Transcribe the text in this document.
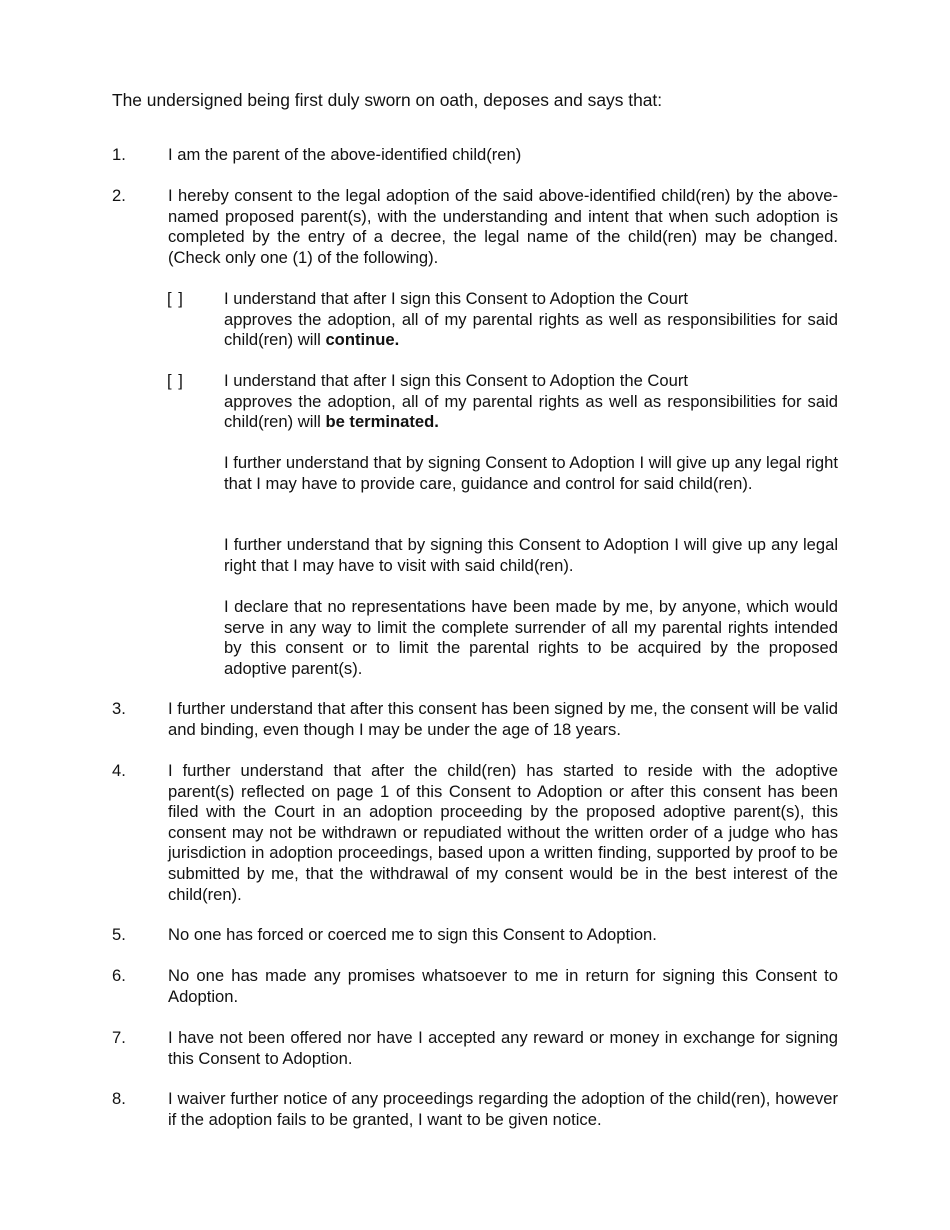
The undersigned being first duly sworn on oath, deposes and says that:
1.	I am the parent of the above-identified child(ren)
2.	I hereby consent to the legal adoption of the said above-identified child(ren) by the above-named proposed parent(s), with the understanding and intent that when such adoption is completed by the entry of a decree, the legal name of the child(ren) may be changed. (Check only one (1) of the following).
[ ]	I understand that after I sign this Consent to Adoption the Court
approves the adoption, all of my parental rights as well as responsibilities for said child(ren) will continue.
[ ]	I understand that after I sign this Consent to Adoption the Court
approves the adoption, all of my parental rights as well as responsibilities for said child(ren) will be terminated.
I further understand that by signing Consent to Adoption I will give up any legal right that I may have to provide care, guidance and control for said child(ren).
I further understand that by signing this Consent to Adoption I will give up any legal right that I may have to visit with said child(ren).
I declare that no representations have been made by me, by anyone, which would serve in any way to limit the complete surrender of all my parental rights intended by this consent or to limit the parental rights to be acquired by the proposed adoptive parent(s).
3.	I further understand that after this consent has been signed by me, the consent will be valid and binding, even though I may be under the age of 18 years.
4.	I further understand that after the child(ren) has started to reside with the adoptive parent(s) reflected on page 1 of this Consent to Adoption or after this consent has been filed with the Court in an adoption proceeding by the proposed adoptive parent(s), this consent may not be withdrawn or repudiated without the written order of a judge who has jurisdiction in adoption proceedings, based upon a written finding, supported by proof to be submitted by me, that the withdrawal of my consent would be in the best interest of the child(ren).
5.	No one has forced or coerced me to sign this Consent to Adoption.
6.	No one has made any promises whatsoever to me in return for signing this Consent to Adoption.
7.	I have not been offered nor have I accepted any reward or money in exchange for signing this Consent to Adoption.
8.	I waiver further notice of any proceedings regarding the adoption of the child(ren), however if the adoption fails to be granted, I want to be given notice.
